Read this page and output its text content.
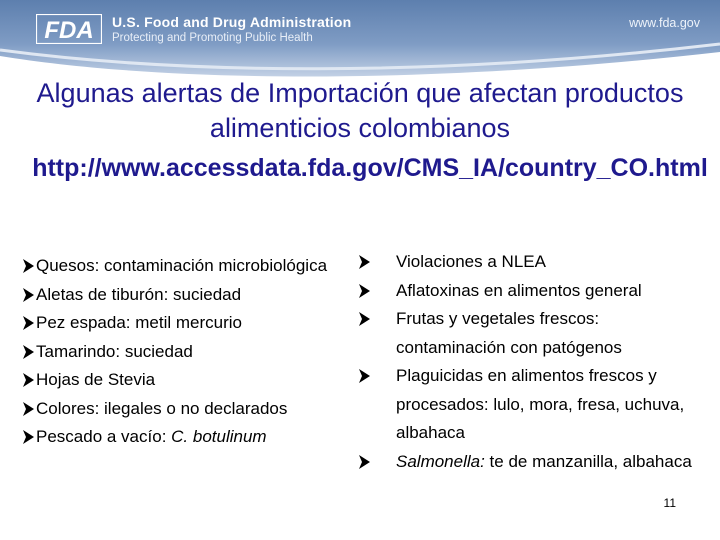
FDA U.S. Food and Drug Administration
Protecting and Promoting Public Health
www.fda.gov
Algunas alertas de Importación que afectan productos alimenticios colombianos
http://www.accessdata.fda.gov/CMS_IA/country_CO.html
Quesos: contaminación microbiológica
Aletas de tiburón: suciedad
Pez espada: metil mercurio
Tamarindo: suciedad
Hojas de Stevia
Colores: ilegales o no declarados
Pescado a vacío: C. botulinum
Violaciones a NLEA
Aflatoxinas en alimentos general
Frutas y vegetales frescos: contaminación con patógenos
Plaguicidas en alimentos frescos y procesados: lulo, mora, fresa, uchuva, albahaca
Salmonella: te de manzanilla, albahaca
11
